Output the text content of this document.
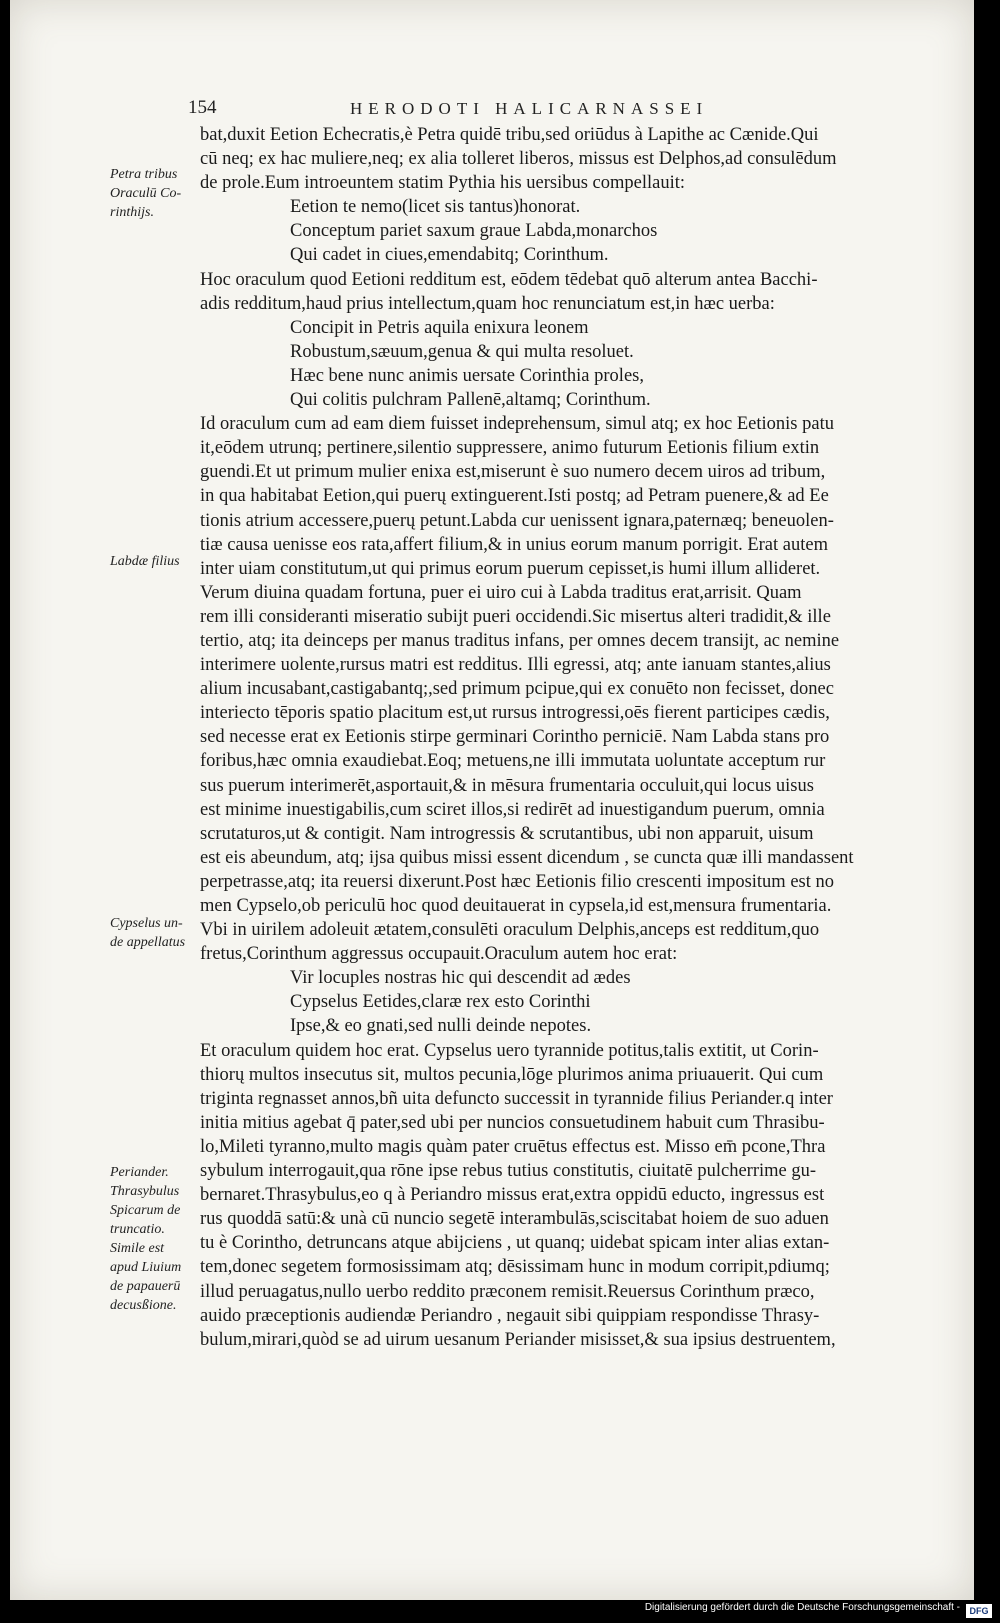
154	HERODOTI HALICARNASSEI
Petra tribus
Oraculū Co-
rinthijs.
Labdæ filius
Cypselus un-
de appellatus
Periander.
Thrasybulus
Spicarum de
truncatio.
Simile est
apud Liuium
de papauerū
decusßione.
bat,duxit Eetion Echecratis,è Petra quidē tribu,sed oriūdus à Lapithe ac Cænide.Qui
cū neq; ex hac muliere,neq; ex alia tolleret liberos, missus est Delphos,ad consulēdum
de prole.Eum introeuntem statim Pythia his uersibus compellauit:
Eetion te nemo(licet sis tantus)honorat.
Conceptum pariet saxum graue Labda,monarchos
Qui cadet in ciues,emendabitq; Corinthum.
Hoc oraculum quod Eetioni redditum est, eōdem tēdebat quō alterum antea Bacchi-
adis redditum,haud prius intellectum,quam hoc renunciatum est,in hæc uerba:
Concipit in Petris aquila enixura leonem
Robustum,sæuum,genua & qui multa resoluet.
Hæc bene nunc animis uersate Corinthia proles,
Qui colitis pulchram Pallenē,altamq; Corinthum.
Id oraculum cum ad eam diem fuisset indeprehensum, simul atq; ex hoc Eetionis patu
it,eōdem utrunq; pertinere,silentio suppressere, animo futurum Eetionis filium extin
guendi.Et ut primum mulier enixa est,miserunt è suo numero decem uiros ad tribum,
in qua habitabat Eetion,qui puerų extinguerent.Isti postq; ad Petram puenere,& ad Ee
tionis atrium accessere,puerų petunt.Labda cur uenissent ignara,paternæq; beneuolen-
tiæ causa uenisse eos rata,affert filium,& in unius eorum manum porrigit. Erat autem
inter uiam constitutum,ut qui primus eorum puerum cepisset,is humi illum allideret.
Verum diuina quadam fortuna, puer ei uiro cui à Labda traditus erat,arrisit. Quam
rem illi consideranti miseratio subijt pueri occidendi.Sic misertus alteri tradidit,& ille
tertio, atq; ita deinceps per manus traditus infans, per omnes decem transijt, ac nemine
interimere uolente,rursus matri est redditus. Illi egressi, atq; ante ianuam stantes,alius
alium incusabant,castigabantq;,sed primum pcipue,qui ex conuēto non fecisset, donec
interiecto tēporis spatio placitum est,ut rursus introgressi,oēs fierent participes cædis,
sed necesse erat ex Eetionis stirpe germinari Corintho perniciē. Nam Labda stans pro
foribus,hæc omnia exaudiebat.Eoq; metuens,ne illi immutata uoluntate acceptum rur
sus puerum interimerēt,asportauit,& in mēsura frumentaria occuluit,qui locus uisus
est minime inuestigabilis,cum sciret illos,si redirēt ad inuestigandum puerum, omnia
scrutaturos,ut & contigit. Nam introgressis & scrutantibus, ubi non apparuit, uisum
est eis abeundum, atq; ijsa quibus missi essent dicendum , se cuncta quæ illi mandassent
perpetrasse,atq; ita reuersi dixerunt.Post hæc Eetionis filio crescenti impositum est no
men Cypselo,ob periculū hoc quod deuitauerat in cypsela,id est,mensura frumentaria.
Vbi in uirilem adoleuit ætatem,consulēti oraculum Delphis,anceps est redditum,quo
fretus,Corinthum aggressus occupauit.Oraculum autem hoc erat:
Vir locuples nostras hic qui descendit ad ædes
Cypselus Eetides,claræ rex esto Corinthi
Ipse,& eo gnati,sed nulli deinde nepotes.
Et oraculum quidem hoc erat. Cypselus uero tyrannide potitus,talis extitit, ut Corin-
thiorų multos insecutus sit, multos pecunia,lōge plurimos anima priuauerit. Qui cum
triginta regnasset annos,bñ uita defuncto successit in tyrannide filius Periander.q inter
initia mitius agebat q̄ pater,sed ubi per nuncios consuetudinem habuit cum Thrasibu-
lo,Mileti tyranno,multo magis quàm pater cruētus effectus est. Misso em̄ pcone,Thra
sybulum interrogauit,qua rōne ipse rebus tutius constitutis, ciuitatē pulcherrime gu-
bernaret.Thrasybulus,eo q à Periandro missus erat,extra oppidū educto, ingressus est
rus quoddā satū:& unà cū nuncio segetē interambulās,sciscitabat hoiem de suo aduen
tu è Corintho, detruncans atque abijciens , ut quanq; uidebat spicam inter alias extan-
tem,donec segetem formosissimam atq; dēsissimam hunc in modum corripit,pdiumq;
illud peruagatus,nullo uerbo reddito præconem remisit.Reuersus Corinthum præco,
auido præceptionis audiendæ Periandro , negauit sibi quippiam respondisse Thrasy-
bulum,mirari,quòd se ad uirum uesanum Periander misisset,& sua ipsius destruentem,
Digitalisierung gefördert durch die Deutsche Forschungsgemeinschaft -	DFG
